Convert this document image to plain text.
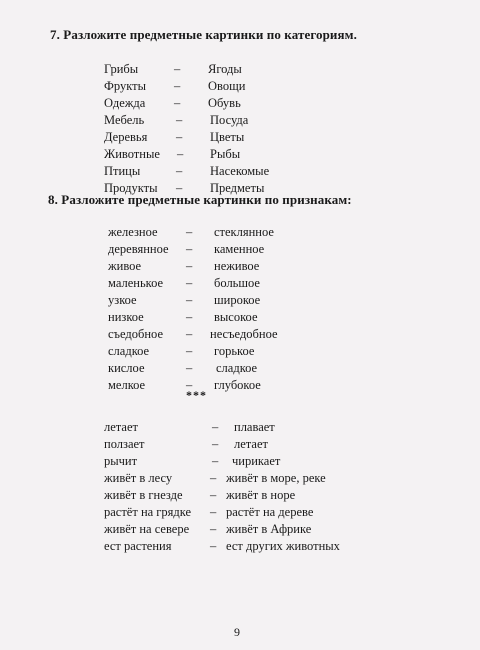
7. Разложите предметные картинки по категориям.
Грибы	– Ягоды
Фрукты – Овощи
Одежда – Обувь
Мебель	– Посуда
Деревья – Цветы
Животные – Рыбы
Птицы	– Насекомые
Продукты – Предметы
8. Разложите предметные картинки по признакам:
железное – стеклянное
деревянное – каменное
живое	– неживое
маленькое – большое
узкое	– широкое
низкое	– высокое
съедобное – несъедобное
сладкое	– горькое
кислое	– сладкое
мелкое	– глубокое
***
летает	– плавает
ползает	– летает
рычит	– чирикает
живёт в лесу	– живёт в море, реке
живёт в гнезде – живёт в норе
растёт на грядке – растёт на дереве
живёт на севере – живёт в Африке
ест растения	– ест других животных
9
